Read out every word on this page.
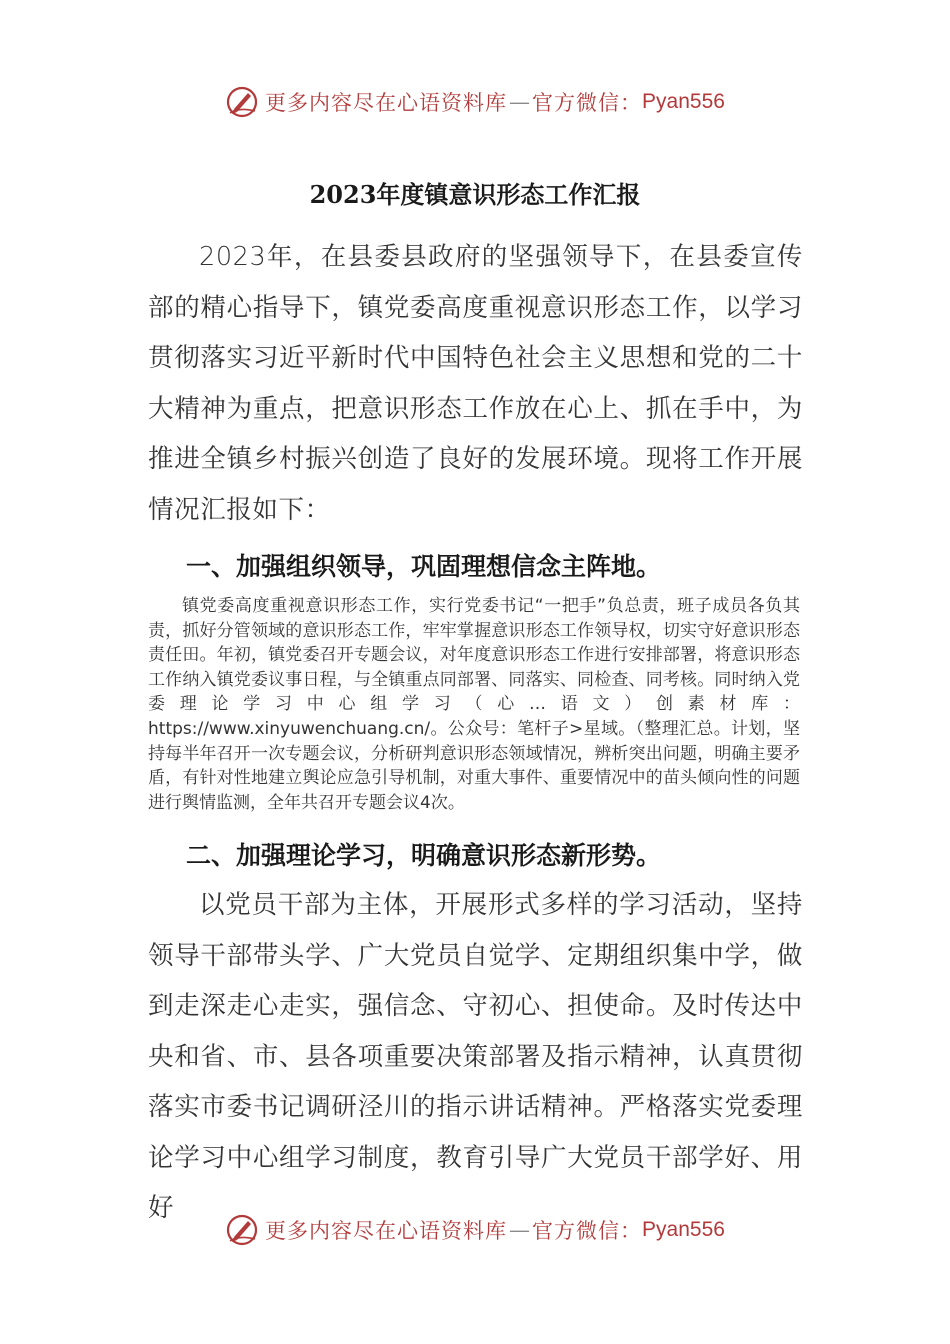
更多内容尽在心语资料库 — 官方微信： Pyan556
2023年度镇意识形态工作汇报

2023年，在县委县政府的坚强领导下，在县委宣传部的精心指导下，镇党委高度重视意识形态工作，以学习贯彻落实习近平新时代中国特色社会主义思想和党的二十大精神为重点，把意识形态工作放在心上、抓在手中，为推进全镇乡村振兴创造了良好的发展环境。现将工作开展情况汇报如下：

一、加强组织领导，巩固理想信念主阵地。

镇党委高度重视意识形态工作，实行党委书记“一把手”负总责，班子成员各负其责，抓好分管领域的意识形态工作，牢牢掌握意识形态工作领导权，切实守好意识形态责任田。年初，镇党委召开专题会议，对年度意识形态工作进行安排部署，将意识形态工作纳入镇党委议事日程，与全镇重点同部署、同落实、同检查、同考核。同时纳入党委理论学习中心组学习（心…语文）创素材库：https://www.xinyuwenchuang.cn/。公众号：笔杆子>星域。（整理汇总。计划，坚持每半年召开一次专题会议，分析研判意识形态领域情况，辨析突出问题，明确主要矛盾，有针对性地建立舆论应急引导机制，对重大事件、重要情况中的苗头倾向性的问题进行舆情监测，全年共召开专题会议4次。

二、加强理论学习，明确意识形态新形势。

以党员干部为主体，开展形式多样的学习活动，坚持领导干部带头学、广大党员自觉学、定期组织集中学，做到走深走心走实，强信念、守初心、担使命。及时传达中央和省、市、县各项重要决策部署及指示精神，认真贯彻落实市委书记调研泾川的指示讲话精神。严格落实党委理论学习中心组学习制度，教育引导广大党员干部学好、用好

更多内容尽在心语资料库 — 官方微信： Pyan556
